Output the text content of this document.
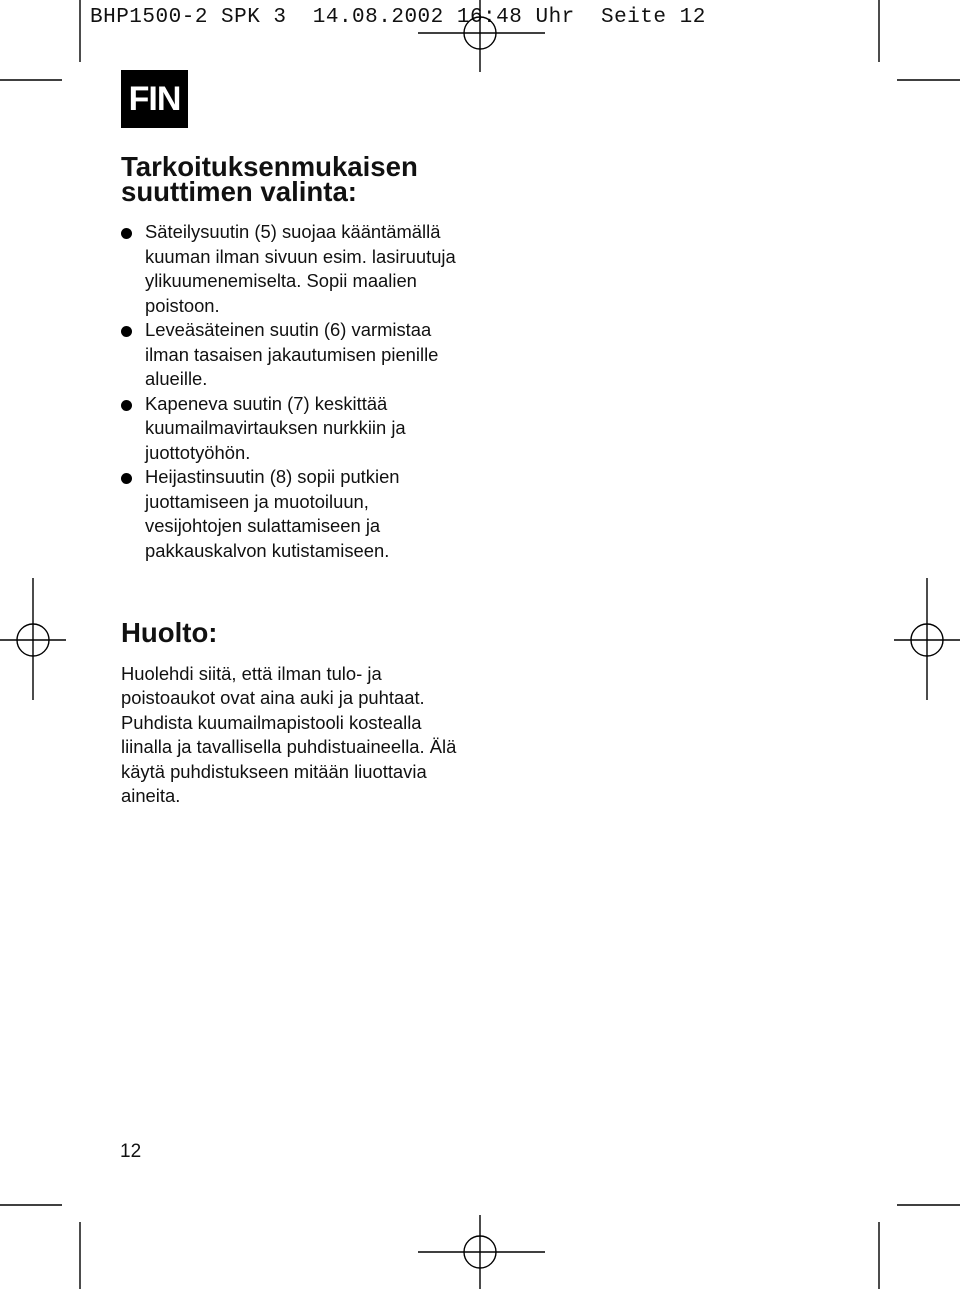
BHP1500-2 SPK 3  14.08.2002 16:48 Uhr  Seite 12
FIN
Tarkoituksenmukaisen suuttimen valinta:
Säteilysuutin (5) suojaa kääntämällä kuuman ilman sivuun esim. lasiruutuja ylikuumenemiselta. Sopii maalien poistoon.
Leveäsäteinen suutin (6) varmistaa ilman tasaisen jakautumisen pienille alueille.
Kapeneva suutin (7) keskittää kuumailmavirtauksen nurkkiin ja juottotyöhön.
Heijastinsuutin (8) sopii putkien juottamiseen ja muotoiluun, vesijohtojen sulattamiseen ja pakkauskalvon kutistamiseen.
Huolto:

Huolehdi siitä, että ilman tulo- ja poistoaukot ovat aina auki ja puhtaat. Puhdista kuumailmapistooli kostealla liinalla ja tavallisella puhdistuaineella. Älä käytä puhdistukseen mitään liuottavia aineita.

12
